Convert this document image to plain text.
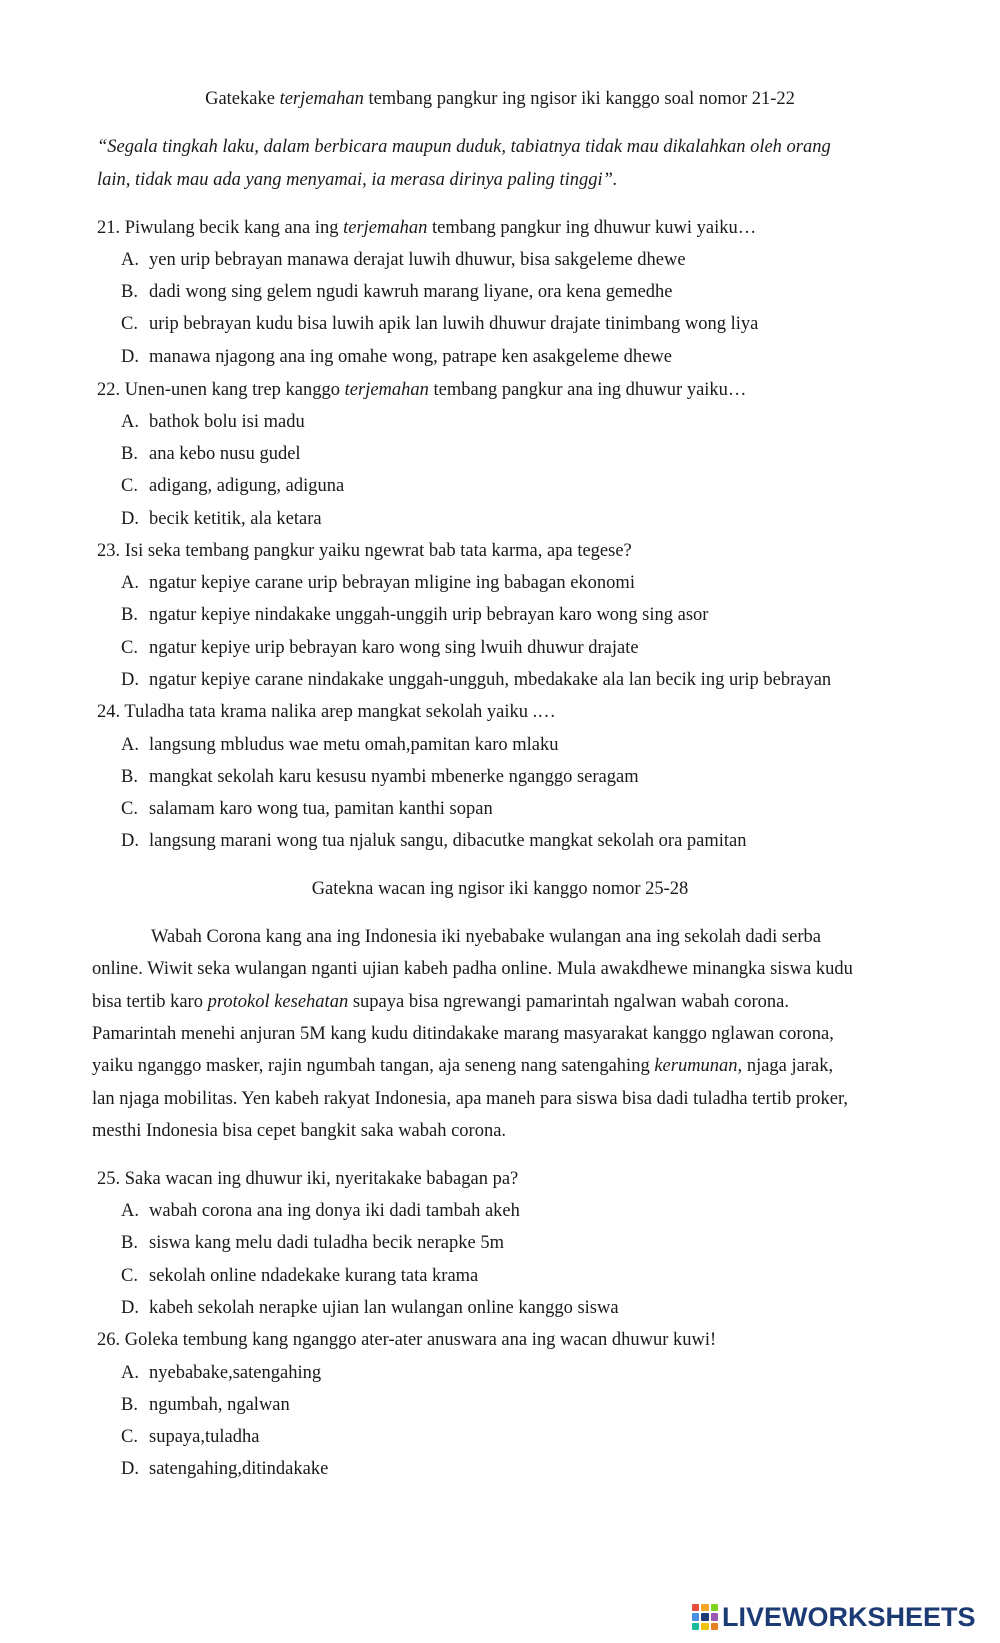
Gatekake terjemahan tembang pangkur ing ngisor iki kanggo soal nomor 21-22
“Segala tingkah laku, dalam berbicara maupun duduk, tabiatnya tidak mau dikalahkan oleh orang
lain, tidak mau ada yang menyamai, ia merasa dirinya paling tinggi”.
21. Piwulang becik kang ana ing terjemahan tembang pangkur ing dhuwur kuwi yaiku…
A. yen urip bebrayan manawa derajat luwih dhuwur, bisa sakgeleme dhewe
B. dadi wong sing gelem ngudi kawruh marang liyane, ora kena gemedhe
C. urip bebrayan kudu bisa luwih apik lan luwih dhuwur drajate tinimbang wong liya
D. manawa njagong ana ing omahe wong, patrape ken asakgeleme dhewe
22. Unen-unen kang trep kanggo terjemahan tembang pangkur ana ing dhuwur yaiku…
A. bathok bolu isi madu
B. ana kebo nusu gudel
C. adigang, adigung, adiguna
D. becik ketitik, ala ketara
23. Isi seka tembang pangkur yaiku ngewrat bab tata karma, apa tegese?
A. ngatur kepiye carane urip bebrayan mligine ing babagan ekonomi
B. ngatur kepiye nindakake unggah-unggih urip bebrayan karo wong sing asor
C. ngatur kepiye urip bebrayan karo wong sing lwuih dhuwur drajate
D. ngatur kepiye carane nindakake unggah-ungguh, mbedakake ala lan becik ing urip bebrayan
24. Tuladha tata krama nalika arep mangkat sekolah yaiku .…
A. langsung mbludus wae metu omah,pamitan karo mlaku
B. mangkat sekolah karu kesusu nyambi mbenerke nganggo seragam
C. salamam karo wong tua, pamitan kanthi sopan
D. langsung marani wong tua njaluk sangu, dibacutke mangkat sekolah ora pamitan
Gatekna wacan ing ngisor iki kanggo nomor 25-28
Wabah Corona kang ana ing Indonesia iki nyebabake wulangan ana ing sekolah dadi serba
online. Wiwit seka wulangan nganti ujian kabeh padha online. Mula awakdhewe minangka siswa kudu
bisa tertib karo protokol kesehatan supaya bisa ngrewangi pamarintah ngalwan wabah corona.
Pamarintah menehi anjuran 5M kang kudu ditindakake marang masyarakat kanggo nglawan corona,
yaiku nganggo masker, rajin ngumbah tangan, aja seneng nang satengahing kerumunan, njaga jarak,
lan njaga mobilitas. Yen kabeh rakyat Indonesia, apa maneh para siswa bisa dadi tuladha tertib proker,
mesthi Indonesia bisa cepet bangkit saka wabah corona.
25. Saka wacan ing dhuwur iki, nyeritakake babagan pa?
A. wabah corona ana ing donya iki dadi tambah akeh
B. siswa kang melu dadi tuladha becik nerapke 5m
C. sekolah online ndadekake kurang tata krama
D. kabeh sekolah nerapke ujian lan wulangan online kanggo siswa
26. Goleka tembung kang nganggo ater-ater anuswara ana ing wacan dhuwur kuwi!
A. nyebabake,satengahing
B. ngumbah, ngalwan
C. supaya,tuladha
D. satengahing,ditindakake
LIVEWORKSHEETS
